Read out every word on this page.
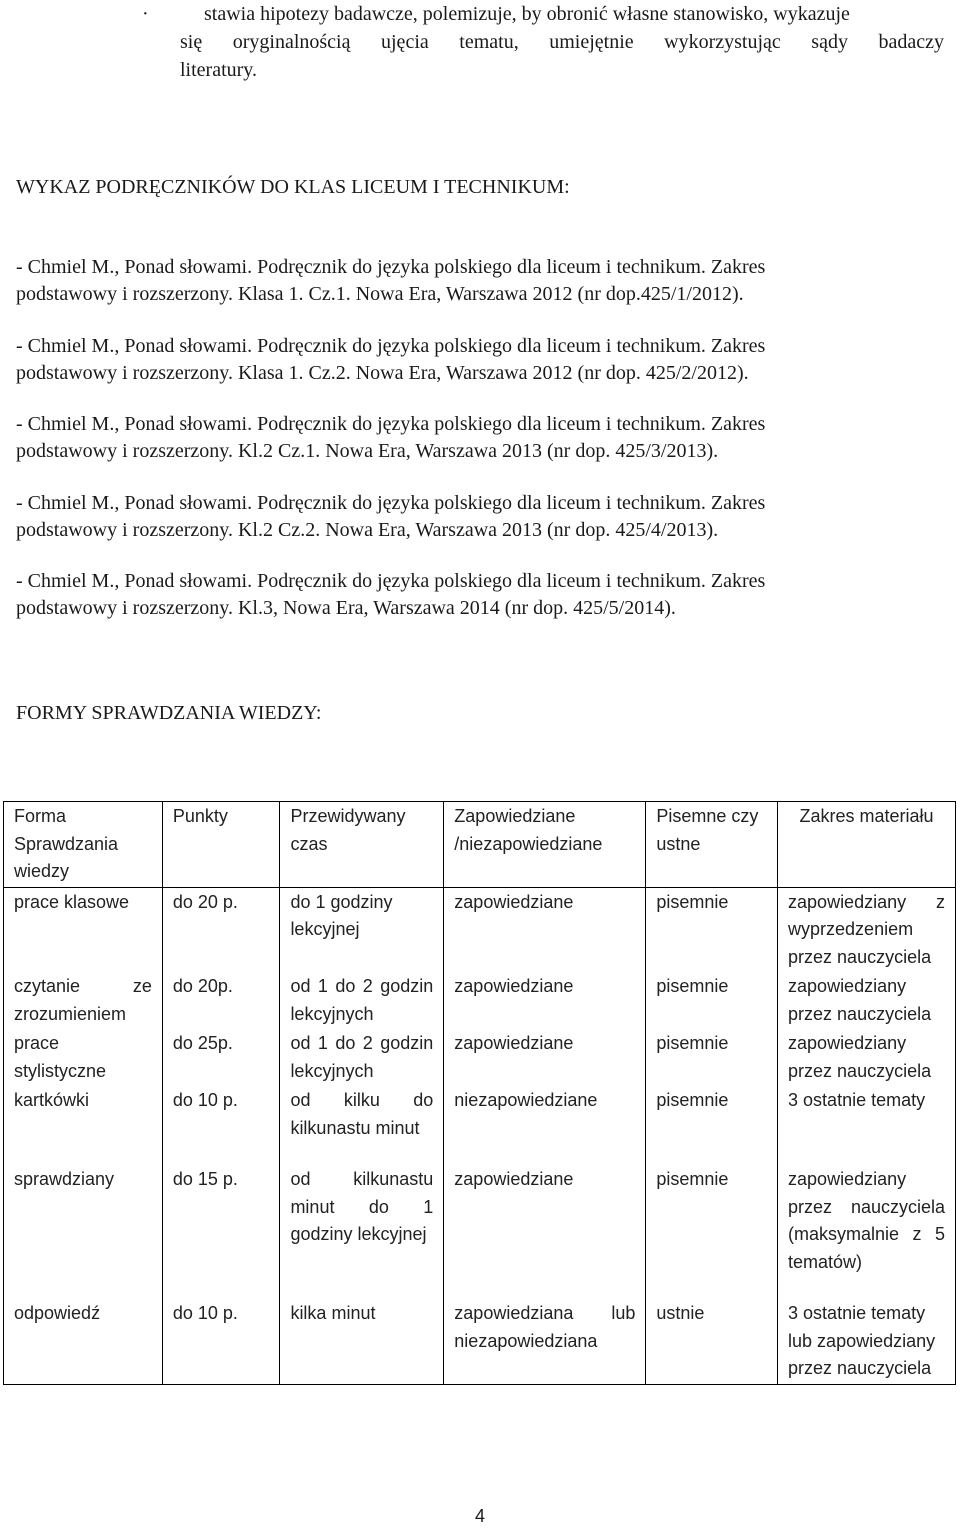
·	stawia hipotezy badawcze, polemizuje, by obronić własne stanowisko, wykazuje
się oryginalnością ujęcia tematu, umiejętnie wykorzystując sądy badaczy
literatury.
WYKAZ PODRĘCZNIKÓW DO KLAS LICEUM I TECHNIKUM:
- Chmiel M., Ponad słowami. Podręcznik do języka polskiego dla liceum i technikum. Zakres
podstawowy i rozszerzony. Klasa 1. Cz.1. Nowa Era, Warszawa 2012 (nr dop.425/1/2012).
- Chmiel M., Ponad słowami. Podręcznik do języka polskiego dla liceum i technikum. Zakres
podstawowy i rozszerzony. Klasa 1. Cz.2. Nowa Era, Warszawa 2012 (nr dop. 425/2/2012).
- Chmiel M., Ponad słowami. Podręcznik do języka polskiego dla liceum i technikum. Zakres
podstawowy i rozszerzony. Kl.2 Cz.1. Nowa Era, Warszawa 2013 (nr dop. 425/3/2013).
- Chmiel M., Ponad słowami. Podręcznik do języka polskiego dla liceum i technikum. Zakres
podstawowy i rozszerzony. Kl.2 Cz.2. Nowa Era, Warszawa 2013 (nr dop. 425/4/2013).
- Chmiel M., Ponad słowami. Podręcznik do języka polskiego dla liceum i technikum. Zakres
podstawowy i rozszerzony. Kl.3, Nowa Era, Warszawa 2014 (nr dop. 425/5/2014).
FORMY SPRAWDZANIA WIEDZY:
Forma Sprawdzania wiedzy	Punkty	Przewidywany czas	Zapowiedziane /niezapowiedziane	Pisemne czy ustne	Zakres materiału
prace klasowe	do 20 p.	do 1 godziny lekcyjnej	zapowiedziane	pisemnie	zapowiedziany z wyprzedzeniem przez nauczyciela
czytanie ze zrozumieniem	do 20p.	od 1 do 2 godzin lekcyjnych	zapowiedziane	pisemnie	zapowiedziany przez nauczyciela
prace stylistyczne	do 25p.	od 1 do 2 godzin lekcyjnych	zapowiedziane	pisemnie	zapowiedziany przez nauczyciela
kartkówki	do 10 p.	od kilku do kilkunastu minut	niezapowiedziane	pisemnie	3 ostatnie tematy

sprawdziany	do 15 p.	od kilkunastu minut do 1 godziny lekcyjnej	zapowiedziane	pisemnie	zapowiedziany przez nauczyciela (maksymalnie z 5 tematów)

odpowiedź	do 10 p.	kilka minut	zapowiedziana lub niezapowiedziana	ustnie	3 ostatnie tematy lub zapowiedziany przez nauczyciela
4
